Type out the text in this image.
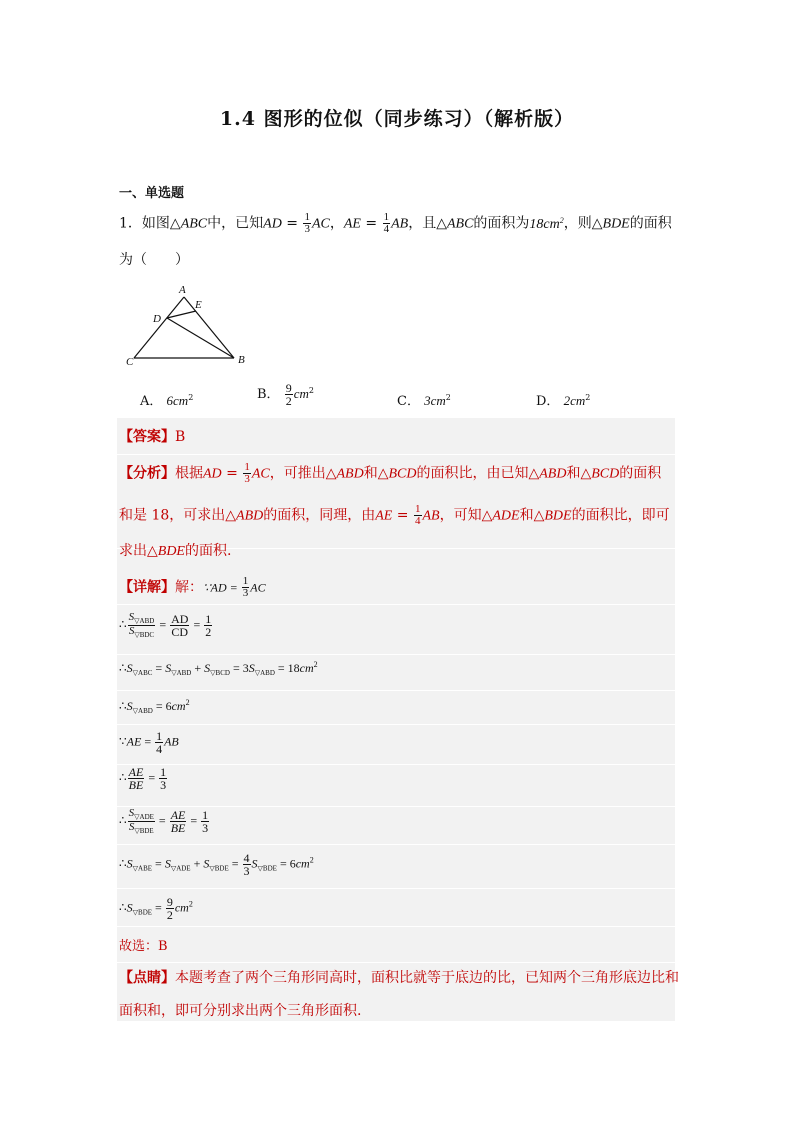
1.4 图形的位似（同步练习）（解析版）
一、单选题
1．如图△ABC中，已知AD = $\frac{1}{3}$ AC，AE = $\frac{1}{4}$ AB，且△ABC的面积为$18cm^2$，则△BDE的面积
为（　　）
A
E
D
C	B
A． $6cm^2$	B． $\frac{9}{2} cm^2$
C． $3cm^2$	D． $2cm^2$
【答案】B
【分析】根据AD = $\frac{1}{3}$ AC，可推出△ABD和△BCD的面积比，由已知△ABD和△BCD的面积
和是 18，可求出△ABD的面积，同理，由AE = $\frac{1}{4}$ AB，可知△ADE和△BDE的面积比，即可
求出△BDE的面积.
【详解】解：∵AD = $\frac{1}{3}$ AC
∴ $\frac{S_{▽ABD}}{S_{▽BDC}} = \frac{AD}{CD} = \frac{1}{2}$
$\therefore S_{▽ABC} = S_{▽ABD} + S_{▽BCD} = 3S_{▽ABD} = 18cm^2$
$\therefore S_{▽ABD} = 6cm^2$
∵AE = $\frac{1}{4}$ AB
∴ $\frac{AE}{BE} = \frac{1}{3}$
∴ $\frac{S_{▽ADE}}{S_{▽BDE}} = \frac{AE}{BE} = \frac{1}{3}$
$\therefore S_{▽ABE} = S_{▽ADE} + S_{▽BDE} = \frac{4}{3} S_{▽BDE} = 6cm^2$
$\therefore S_{▽BDE} = \frac{9}{2} cm^2$
故选：B
【点睛】本题考查了两个三角形同高时，面积比就等于底边的比，已知两个三角形底边比和
面积和，即可分别求出两个三角形面积.
